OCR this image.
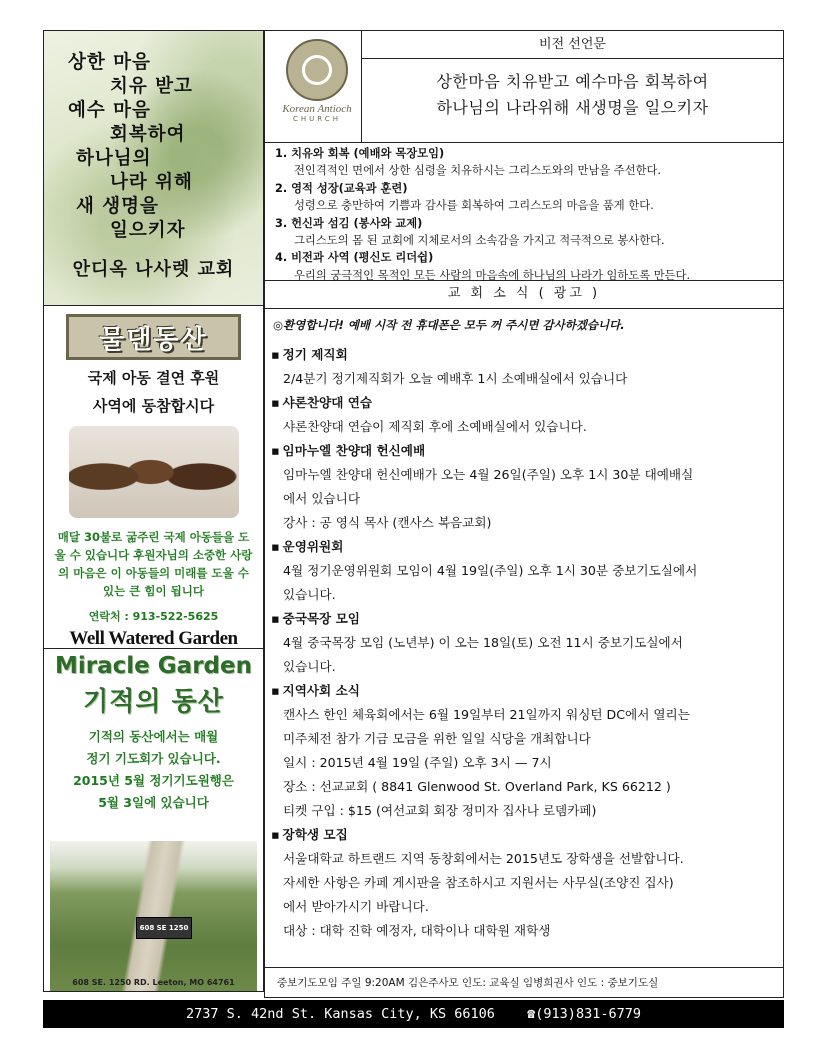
상한 마음
치유 받고
예수 마음
회복하여
하나님의
나라 위해
새 생명을
일으키자
안디옥 나사렛 교회
물댄동산
국제 아동 결연 후원
사역에 동참합시다
매달 30불로 굶주린 국제 아동들을 도울 수 있습니다 후원자님의 소중한 사랑의 마음은 이 아동들의 미래를 도울 수 있는 큰 힘이 됩니다
연락처 : 913-522-5625
Well Watered Garden
Miracle Garden
기적의 동산
기적의 동산에서는 매월
정기 기도회가 있습니다.
2015년 5월 정기기도원행은
5월 3일에 있습니다
608 SE 1250
608 SE. 1250 RD. Leeton, MO 64761
Korean Antioch
CHURCH
비전 선언문
상한마음 치유받고 예수마음 회복하여
하나님의 나라위해 새생명을 일으키자
1. 치유와 회복 (예배와 목장모임)
전인격적인 면에서 상한 심령을 치유하시는 그리스도와의 만남을 주선한다.
2. 영적 성장(교육과 훈련)
성령으로 충만하여 기쁨과 감사를 회복하여 그리스도의 마음을 품게 한다.
3. 헌신과 섬김 (봉사와 교제)
그리스도의 몸 된 교회에 지체로서의 소속감을 가지고 적극적으로 봉사한다.
4. 비전과 사역 (평신도 리더쉽)
우리의 궁극적인 목적인 모든 사람의 마음속에 하나님의 나라가 임하도록 만든다.
교 회 소 식 ( 광고 )
◎환영합니다! 예배 시작 전 휴대폰은 모두 꺼 주시면 감사하겠습니다.
▪ 정기 제직회
2/4분기 정기제직회가 오늘 예배후 1시 소예배실에서 있습니다
▪ 샤론찬양대 연습
샤론찬양대 연습이 제직회 후에 소예배실에서 있습니다.
▪ 임마누엘 찬양대 헌신예배
임마누엘 찬양대 헌신예배가 오는 4월 26일(주일) 오후 1시 30분 대예배실
에서 있습니다
강사 : 공 영식 목사 (캔사스 복음교회)
▪ 운영위원회
4월 정기운영위원회 모임이 4월 19일(주일) 오후 1시 30분 중보기도실에서
있습니다.
▪ 중국목장 모임
4월 중국목장 모임 (노년부) 이 오는 18일(토) 오전 11시 중보기도실에서
있습니다.
▪ 지역사회 소식
캔사스 한인 체육회에서는 6월 19일부터 21일까지 워싱턴 DC에서 열리는
미주체전 참가 기금 모금을 위한 일일 식당을 개최합니다
일시 : 2015년 4월 19일 (주일) 오후 3시 — 7시
장소 : 선교교회 ( 8841 Glenwood St. Overland Park, KS 66212 )
티켓 구입 : $15 (여선교회 회장 정미자 집사나 로뎀카페)
▪ 장학생 모집
서울대학교 하트랜드 지역 동창회에서는 2015년도 장학생을 선발합니다.
자세한 사항은 카페 게시판을 참조하시고 지원서는 사무실(조양진 집사)
에서 받아가시기 바랍니다.
대상 : 대학 진학 예정자, 대학이나 대학원 재학생
중보기도모임 주일 9:20AM 김은주사모 인도: 교육실 임병희권사 인도 : 중보기도실
2737 S. 42nd St. Kansas City, KS 66106 ☎(913)831-6779
